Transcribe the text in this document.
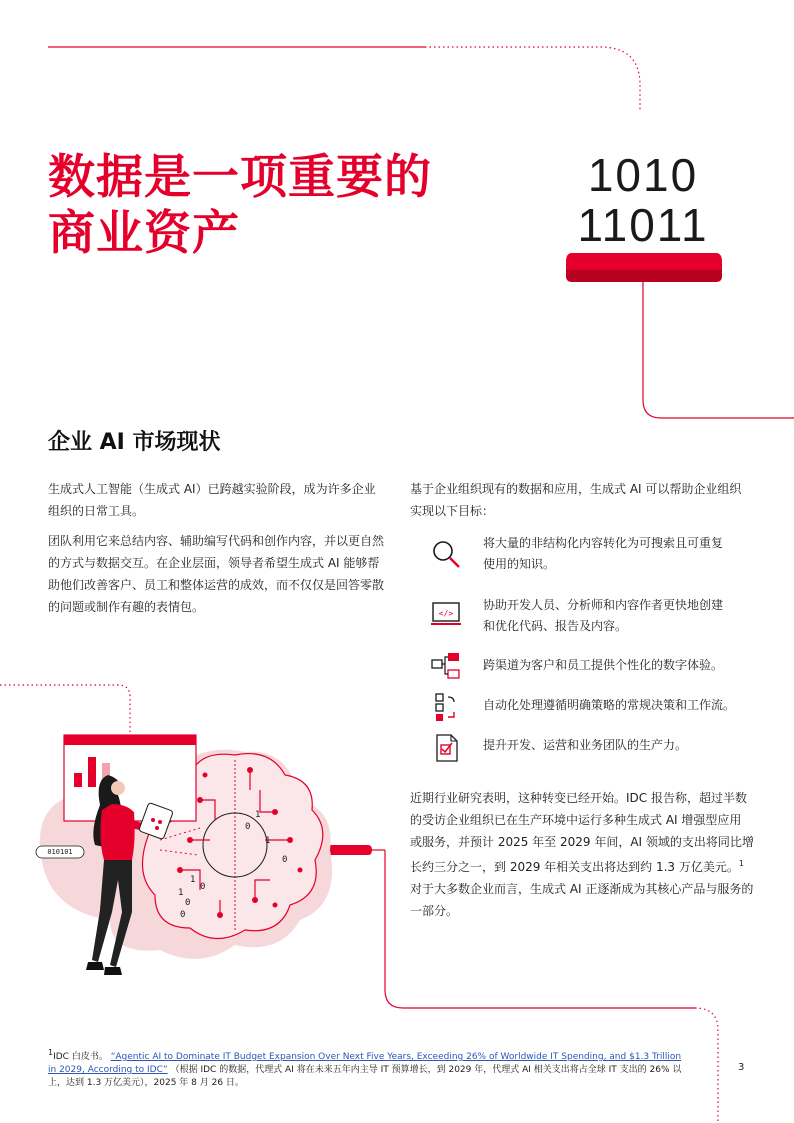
数据是一项重要的
商业资产
1010
11011
企业 AI 市场现状
生成式人工智能（生成式 AI）已跨越实验阶段，成为许多企业
组织的日常工具。
团队利用它来总结内容、辅助编写代码和创作内容，并以更自然
的方式与数据交互。在企业层面，领导者希望生成式 AI 能够帮
助他们改善客户、员工和整体运营的成效，而不仅仅是回答零散
的问题或制作有趣的表情包。
基于企业组织现有的数据和应用，生成式 AI 可以帮助企业组织
实现以下目标：
将大量的非结构化内容转化为可搜索且可重复
使用的知识。
</>
协助开发人员、分析师和内容作者更快地创建
和优化代码、报告及内容。
跨渠道为客户和员工提供个性化的数字体验。
自动化处理遵循明确策略的常规决策和工作流。
提升开发、运营和业务团队的生产力。
近期行业研究表明，这种转变已经开始。IDC 报告称，超过半数
的受访企业组织已在生产环境中运行多种生成式 AI 增强型应用
或服务，并预计 2025 年至 2029 年间，AI 领域的支出将同比增
长约三分之一，到 2029 年相关支出将达到约 1.3 万亿美元。$^1$
对于大多数企业而言，生成式 AI 正逐渐成为其核心产品与服务的
一部分。
010101
1
0
1
0
1
0
1
0
0
$^1$IDC 白皮书。 “Agentic AI to Dominate IT Budget Expansion Over Next Five Years, Exceeding 26% of Worldwide IT Spending, and $1.3 Trillion in 2029, According to IDC” （根据 IDC 的数据，代理式 AI 将在未来五年内主导 IT 预算增长，到 2029 年，代理式 AI 相关支出将占全球 IT 支出的 26% 以上，达到 1.3 万亿美元），2025 年 8 月 26 日。
3
